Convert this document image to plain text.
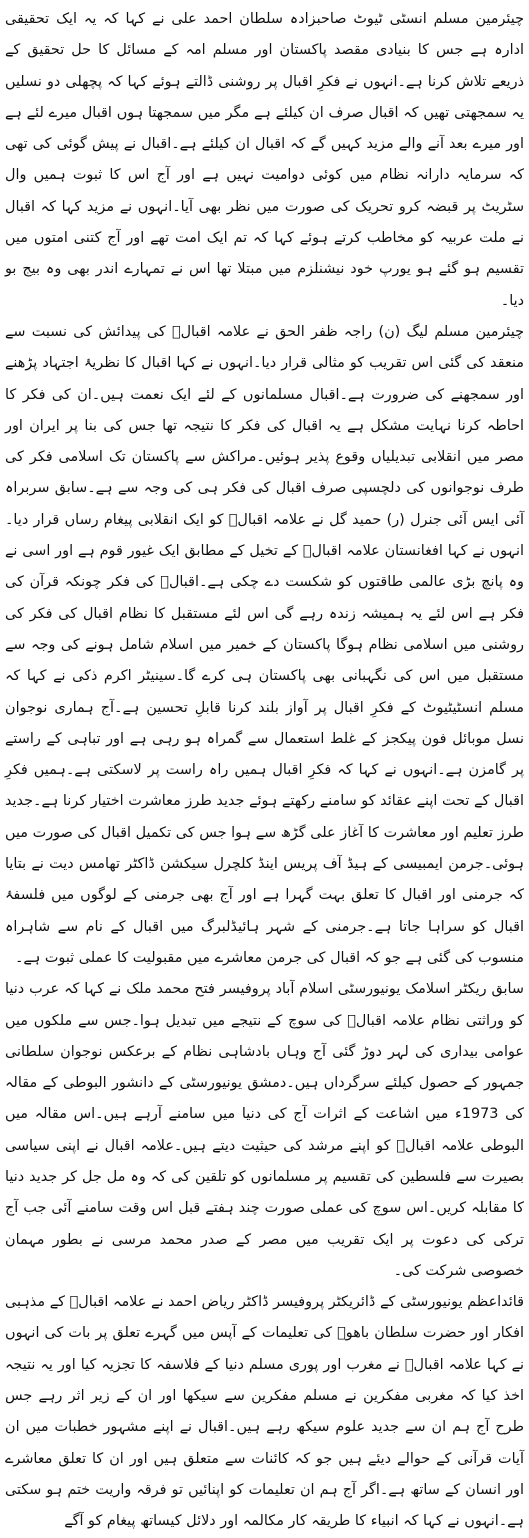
چیئرمین مسلم انسٹی ٹیوٹ صاحبزادہ سلطان احمد علی نے کہا کہ یہ ایک تحقیقی ادارہ ہے جس کا بنیادی مقصد پاکستان اور مسلم امہ کے مسائل کا حل تحقیق کے ذریعے تلاش کرنا ہے۔انہوں نے فکرِ اقبال پر روشنی ڈالتے ہوئے کہا کہ پچھلی دو نسلیں یہ سمجھتی تھیں کہ اقبال صرف ان کیلئے ہے مگر میں سمجھتا ہوں اقبال میرے لئے ہے اور میرے بعد آنے والے مزید کہیں گے کہ اقبال ان کیلئے ہے۔اقبال نے پیش گوئی کی تھی کہ سرمایہ دارانہ نظام میں کوئی دوامیت نہیں ہے اور آج اس کا ثبوت ہمیں وال سٹریٹ پر قبضہ کرو تحریک کی صورت میں نظر بھی آیا۔انہوں نے مزید کہا کہ اقبال نے ملت عربیہ کو مخاطب کرتے ہوئے کہا کہ تم ایک امت تھے اور آج کتنی امتوں میں تقسیم ہو گئے ہو یورپ خود نیشنلزم میں مبتلا تھا اس نے تمہارے اندر بھی وہ بیج بو دیا۔

چیئرمین مسلم لیگ (ن) راجہ ظفر الحق نے علامہ اقبالؒ کی پیدائش کی نسبت سے منعقد کی گئی اس تقریب کو مثالی قرار دیا۔انہوں نے کہا اقبال کا نظریۂ اجتہاد پڑھنے اور سمجھنے کی ضرورت ہے۔اقبال مسلمانوں کے لئے ایک نعمت ہیں۔ان کی فکر کا احاطہ کرنا نہایت مشکل ہے یہ اقبال کی فکر کا نتیجہ تھا جس کی بنا پر ایران اور مصر میں انقلابی تبدیلیاں وقوع پذیر ہوئیں۔مراکش سے پاکستان تک اسلامی فکر کی طرف نوجوانوں کی دلچسپی صرف اقبال کی فکر ہی کی وجہ سے ہے۔سابق سربراہ آئی ایس آئی جنرل (ر) حمید گل نے علامہ اقبالؒ کو ایک انقلابی پیغام رساں قرار دیا۔انہوں نے کہا افغانستان علامہ اقبالؒ کے تخیل کے مطابق ایک غیور قوم ہے اور اسی نے وہ پانچ بڑی عالمی طاقتوں کو شکست دے چکی ہے۔اقبالؒ کی فکر چونکہ قرآن کی فکر ہے اس لئے یہ ہمیشہ زندہ رہے گی اس لئے مستقبل کا نظام اقبال کی فکر کی روشنی میں اسلامی نظام ہوگا پاکستان کے خمیر میں اسلام شامل ہونے کی وجہ سے مستقبل میں اس کی نگہبانی بھی پاکستان ہی کرے گا۔سینیٹر اکرم ذکی نے کہا کہ مسلم انسٹیٹیوٹ کے فکرِ اقبال پر آواز بلند کرنا قابلِ تحسین ہے۔آج ہماری نوجوان نسل موبائل فون پیکجز کے غلط استعمال سے گمراہ ہو رہی ہے اور تباہی کے راستے پر گامزن ہے۔انہوں نے کہا کہ فکرِ اقبال ہمیں راہ راست پر لاسکتی ہے۔ہمیں فکرِ اقبال کے تحت اپنے عقائد کو سامنے رکھتے ہوئے جدید طرز معاشرت اختیار کرنا ہے۔جدید طرز تعلیم اور معاشرت کا آغاز علی گڑھ سے ہوا جس کی تکمیل اقبال کی صورت میں ہوئی۔جرمن ایمبیسی کے ہیڈ آف پریس اینڈ کلچرل سیکشن ڈاکٹر تھامس دیت نے بتایا کہ جرمنی اور اقبال کا تعلق بہت گہرا ہے اور آج بھی جرمنی کے لوگوں میں فلسفۂ اقبال کو سراہا جاتا ہے۔جرمنی کے شہر ہائیڈلبرگ میں اقبال کے نام سے شاہراہ منسوب کی گئی ہے جو کہ اقبال کی جرمن معاشرے میں مقبولیت کا عملی ثبوت ہے۔

سابق ریکٹر اسلامک یونیورسٹی اسلام آباد پروفیسر فتح محمد ملک نے کہا کہ عرب دنیا کو وراثتی نظام علامہ اقبالؒ کی سوچ کے نتیجے میں تبدیل ہوا۔جس سے ملکوں میں عوامی بیداری کی لہر دوڑ گئی آج وہاں بادشاہی نظام کے برعکس نوجوان سلطانی جمہور کے حصول کیلئے سرگرداں ہیں۔دمشق یونیورسٹی کے دانشور البوطی کے مقالہ کی 1973ء میں اشاعت کے اثرات آج کی دنیا میں سامنے آرہے ہیں۔اس مقالہ میں البوطی علامہ اقبالؒ کو اپنے مرشد کی حیثیت دیتے ہیں۔علامہ اقبال نے اپنی سیاسی بصیرت سے فلسطین کی تقسیم پر مسلمانوں کو تلقین کی کہ وہ مل جل کر جدید دنیا کا مقابلہ کریں۔اس سوچ کی عملی صورت چند ہفتے قبل اس وقت سامنے آئی جب آج ترکی کی دعوت پر ایک تقریب میں مصر کے صدر محمد مرسی نے بطور مہمان خصوصی شرکت کی۔

قائداعظم یونیورسٹی کے ڈائریکٹر پروفیسر ڈاکٹر ریاض احمد نے علامہ اقبالؒ کے مذہبی افکار اور حضرت سلطان باھوؒ کی تعلیمات کے آپس میں گہرے تعلق پر بات کی انہوں نے کہا علامہ اقبالؒ نے مغرب اور پوری مسلم دنیا کے فلاسفہ کا تجزیہ کیا اور یہ نتیجہ اخذ کیا کہ مغربی مفکرین نے مسلم مفکرین سے سیکھا اور ان کے زیر اثر رہے جس طرح آج ہم ان سے جدید علوم سیکھ رہے ہیں۔اقبال نے اپنے مشہور خطبات میں ان آیات قرآنی کے حوالے دیئے ہیں جو کہ کائنات سے متعلق ہیں اور ان کا تعلق معاشرے اور انسان کے ساتھ ہے۔اگر آج ہم ان تعلیمات کو اپنائیں تو فرقہ واریت ختم ہو سکتی ہے۔انہوں نے کہا کہ انبیاء کا طریقہ کار مکالمہ اور دلائل کیساتھ پیغام کو آگے
